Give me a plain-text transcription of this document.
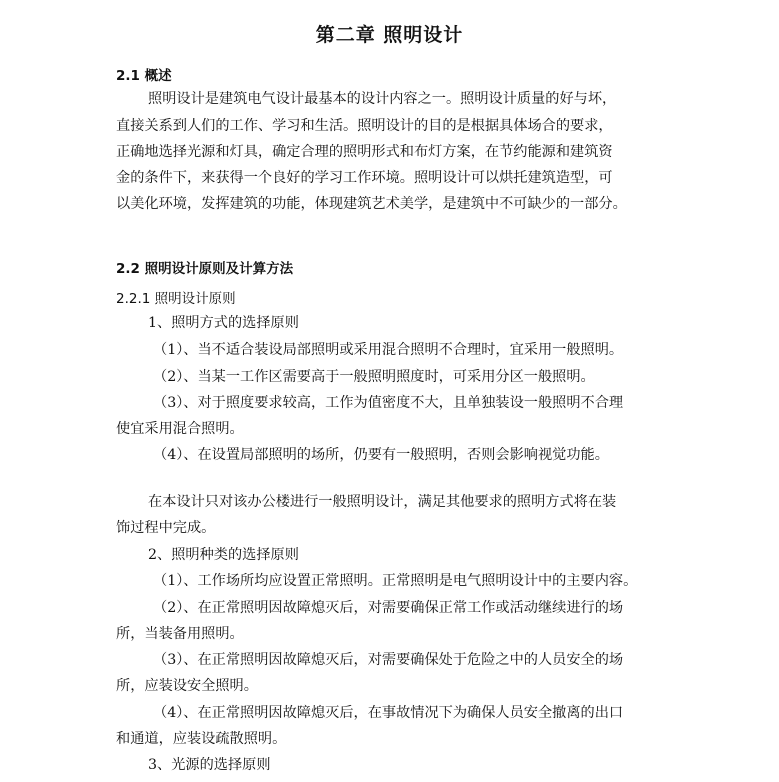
第二章 照明设计
2.1 概述
照明设计是建筑电气设计最基本的设计内容之一。照明设计质量的好与坏，
直接关系到人们的工作、学习和生活。照明设计的目的是根据具体场合的要求，
正确地选择光源和灯具，确定合理的照明形式和布灯方案，在节约能源和建筑资
金的条件下，来获得一个良好的学习工作环境。照明设计可以烘托建筑造型，可
以美化环境，发挥建筑的功能，体现建筑艺术美学，是建筑中不可缺少的一部分。
2.2 照明设计原则及计算方法
2.2.1 照明设计原则
1、照明方式的选择原则
（1）、当不适合装设局部照明或采用混合照明不合理时，宜采用一般照明。
（2）、当某一工作区需要高于一般照明照度时，可采用分区一般照明。
（3）、对于照度要求较高，工作为值密度不大，且单独装设一般照明不合理
使宜采用混合照明。
（4）、在设置局部照明的场所，仍要有一般照明，否则会影响视觉功能。
在本设计只对该办公楼进行一般照明设计，满足其他要求的照明方式将在装
饰过程中完成。
2、照明种类的选择原则
（1）、工作场所均应设置正常照明。正常照明是电气照明设计中的主要内容。
（2）、在正常照明因故障熄灭后，对需要确保正常工作或活动继续进行的场
所，当装备用照明。
（3）、在正常照明因故障熄灭后，对需要确保处于危险之中的人员安全的场
所，应装设安全照明。
（4）、在正常照明因故障熄灭后，在事故情况下为确保人员安全撤离的出口
和通道，应装设疏散照明。
3、光源的选择原则
